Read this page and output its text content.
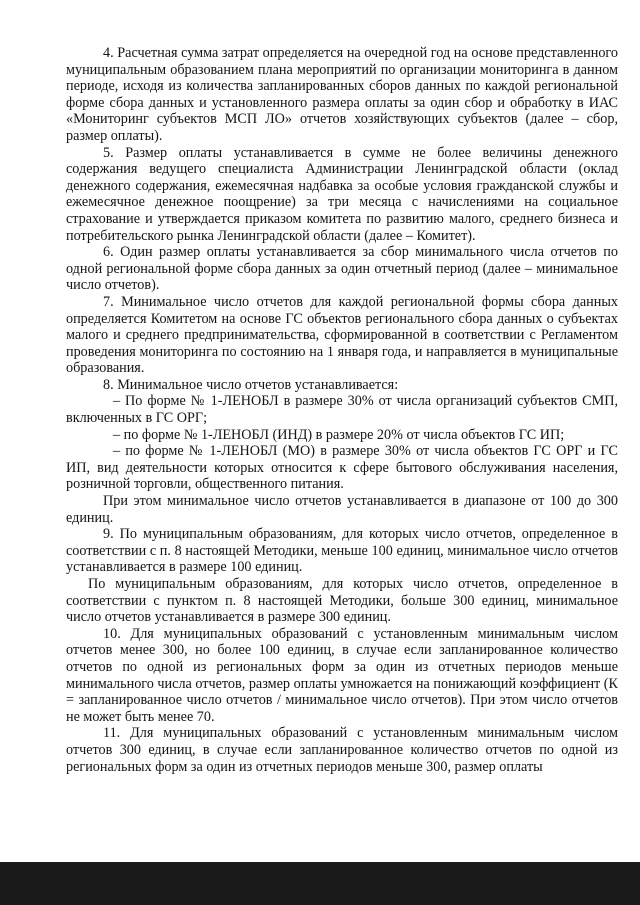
4. Расчетная сумма затрат определяется на очередной год на основе представленного муниципальным образованием плана мероприятий по организации мониторинга в данном периоде, исходя из количества запланированных сборов данных по каждой региональной форме сбора данных и установленного размера оплаты за один сбор и обработку в ИАС «Мониторинг субъектов МСП ЛО» отчетов хозяйствующих субъектов (далее – сбор, размер оплаты).

5. Размер оплаты устанавливается в сумме не более величины денежного содержания ведущего специалиста Администрации Ленинградской области (оклад денежного содержания, ежемесячная надбавка за особые условия гражданской службы и ежемесячное денежное поощрение) за три месяца с начислениями на социальное страхование и утверждается приказом комитета по развитию малого, среднего бизнеса и потребительского рынка Ленинградской области (далее – Комитет).

6. Один размер оплаты устанавливается за сбор минимального числа отчетов по одной региональной форме сбора данных за один отчетный период (далее – минимальное число отчетов).

7. Минимальное число отчетов для каждой региональной формы сбора данных определяется Комитетом на основе ГС объектов регионального сбора данных о субъектах малого и среднего предпринимательства, сформированной в соответствии с Регламентом проведения мониторинга по состоянию на 1 января года, и направляется в муниципальные образования.

8. Минимальное число отчетов устанавливается:

– По форме № 1-ЛЕНОБЛ в размере 30% от числа организаций субъектов СМП, включенных в ГС ОРГ;

– по форме № 1-ЛЕНОБЛ (ИНД) в размере 20% от числа объектов ГС ИП;

– по форме № 1-ЛЕНОБЛ (МО) в размере 30% от числа объектов ГС ОРГ и ГС ИП, вид деятельности которых относится к сфере бытового обслуживания населения, розничной торговли, общественного питания.

При этом минимальное число отчетов устанавливается в диапазоне от 100 до 300 единиц.

9. По муниципальным образованиям, для которых число отчетов, определенное в соответствии с п. 8 настоящей Методики, меньше 100 единиц, минимальное число отчетов устанавливается в размере 100 единиц.

По муниципальным образованиям, для которых число отчетов, определенное в соответствии с пунктом п. 8 настоящей Методики, больше 300 единиц, минимальное число отчетов устанавливается в размере 300 единиц.

10. Для муниципальных образований с установленным минимальным числом отчетов менее 300, но более 100 единиц, в случае если запланированное количество отчетов по одной из региональных форм за один из отчетных периодов меньше минимального числа отчетов, размер оплаты умножается на понижающий коэффициент (К = запланированное число отчетов / минимальное число отчетов). При этом число отчетов не может быть менее 70.

11. Для муниципальных образований с установленным минимальным числом отчетов 300 единиц, в случае если запланированное количество отчетов по одной из региональных форм за один из отчетных периодов меньше 300, размер оплаты
